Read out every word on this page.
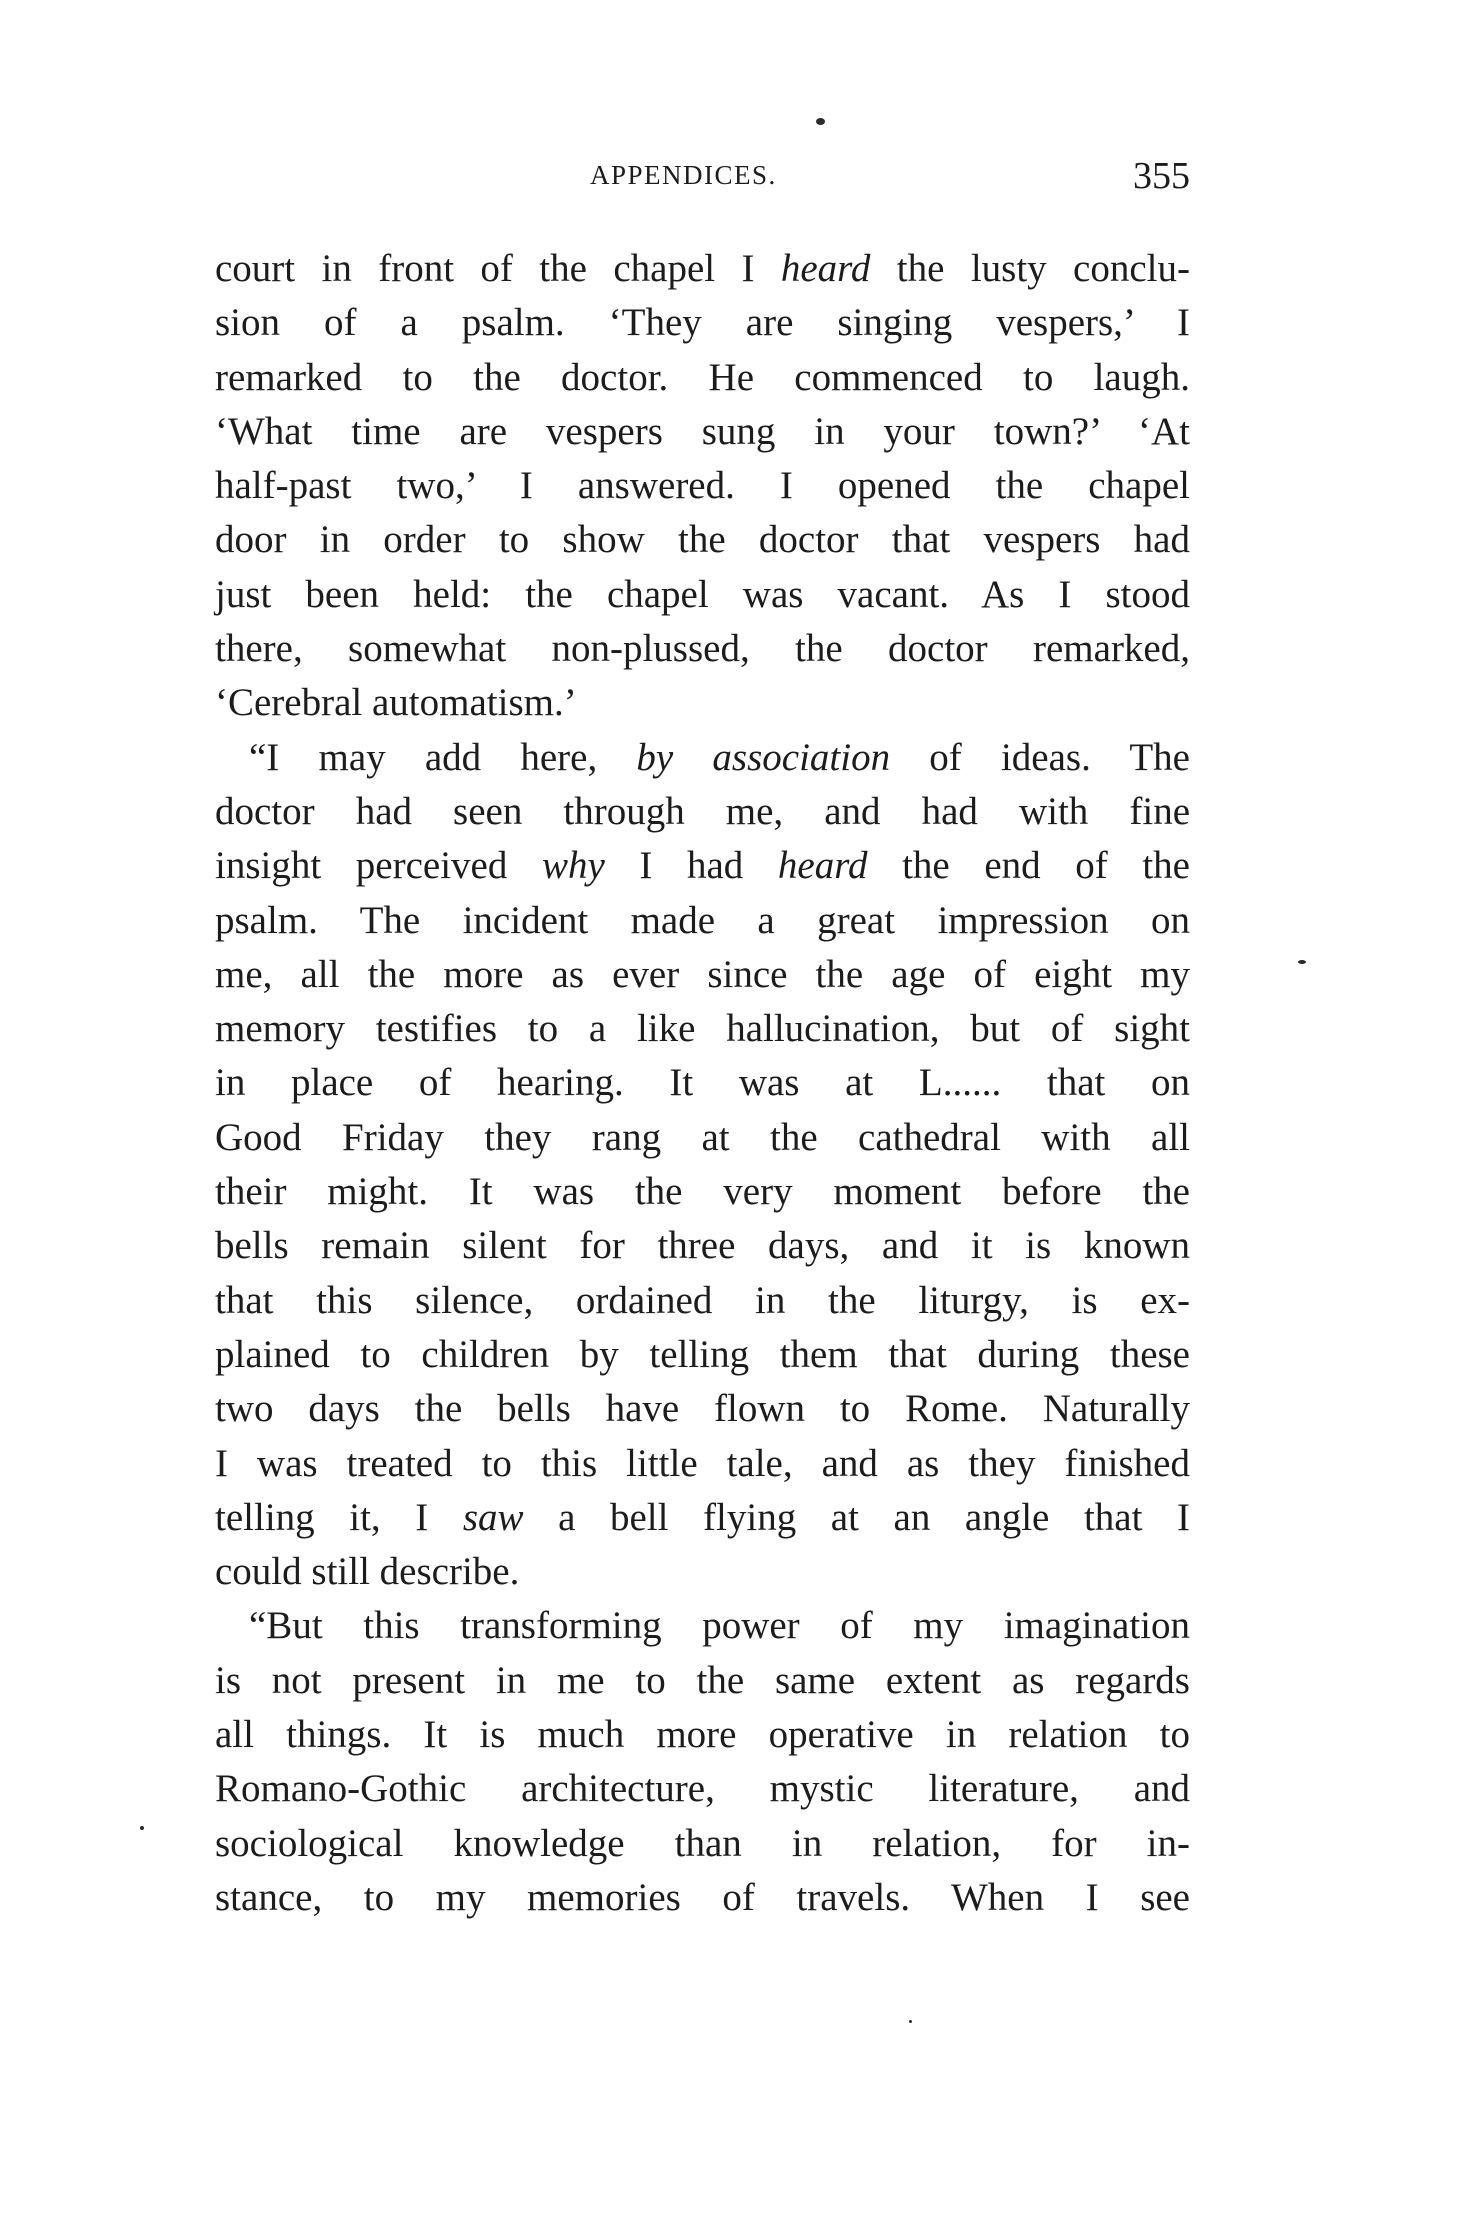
APPENDICES.	355
court in front of the chapel I heard the lusty conclu-
sion of a psalm. ‘They are singing vespers,’ I
remarked to the doctor. He commenced to laugh.
‘What time are vespers sung in your town?’ ‘At
half-past two,’ I answered. I opened the chapel
door in order to show the doctor that vespers had
just been held: the chapel was vacant. As I stood
there, somewhat non-plussed, the doctor remarked,
‘Cerebral automatism.’
“I may add here, by association of ideas. The
doctor had seen through me, and had with fine
insight perceived why I had heard the end of the
psalm. The incident made a great impression on
me, all the more as ever since the age of eight my
memory testifies to a like hallucination, but of sight
in place of hearing. It was at L...... that on
Good Friday they rang at the cathedral with all
their might. It was the very moment before the
bells remain silent for three days, and it is known
that this silence, ordained in the liturgy, is ex-
plained to children by telling them that during these
two days the bells have flown to Rome. Naturally
I was treated to this little tale, and as they finished
telling it, I saw a bell flying at an angle that I
could still describe.
“But this transforming power of my imagination
is not present in me to the same extent as regards
all things. It is much more operative in relation to
Romano-Gothic architecture, mystic literature, and
sociological knowledge than in relation, for in-
stance, to my memories of travels. When I see
